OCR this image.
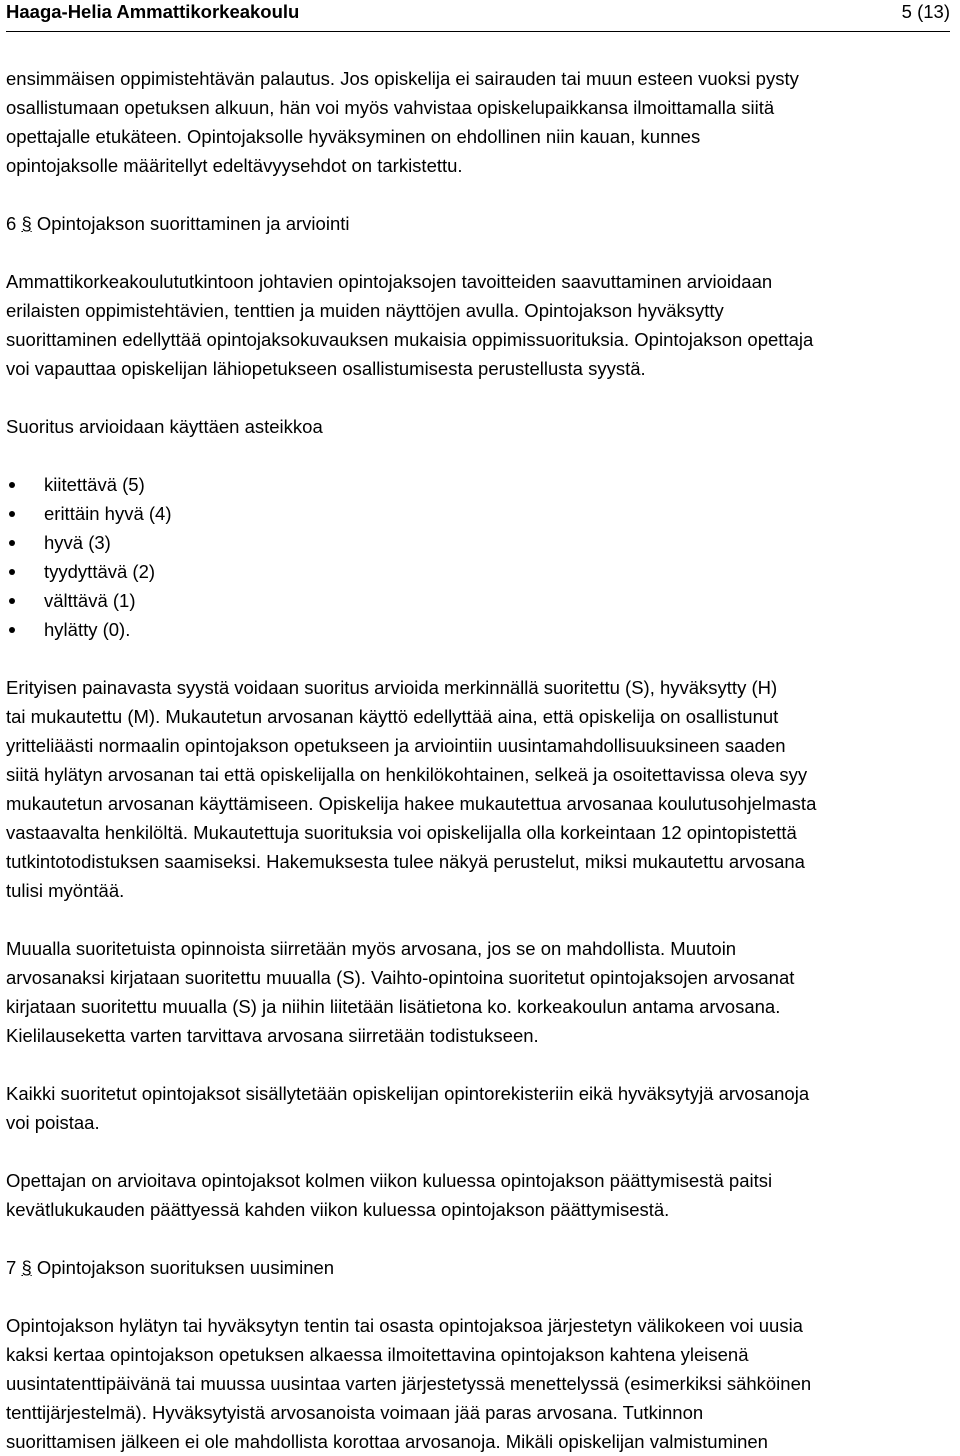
Haaga-Helia Ammattikorkeakoulu	5 (13)
ensimmäisen oppimistehtävän palautus. Jos opiskelija ei sairauden tai muun esteen vuoksi pysty
osallistumaan opetuksen alkuun, hän voi myös vahvistaa opiskelupaikkansa ilmoittamalla siitä
opettajalle etukäteen. Opintojaksolle hyväksyminen on ehdollinen niin kauan, kunnes
opintojaksolle määritellyt edeltävyysehdot on tarkistettu.
6 § Opintojakson suorittaminen ja arviointi
Ammattikorkeakoulututkintoon johtavien opintojaksojen tavoitteiden saavuttaminen arvioidaan
erilaisten oppimistehtävien, tenttien ja muiden näyttöjen avulla. Opintojakson hyväksytty
suorittaminen edellyttää opintojaksokuvauksen mukaisia oppimissuorituksia. Opintojakson opettaja
voi vapauttaa opiskelijan lähiopetukseen osallistumisesta perustellusta syystä.
Suoritus arvioidaan käyttäen asteikkoa
kiitettävä (5)
erittäin hyvä (4)
hyvä (3)
tyydyttävä (2)
välttävä (1)
hylätty (0).
Erityisen painavasta syystä voidaan suoritus arvioida merkinnällä suoritettu (S), hyväksytty (H)
tai mukautettu (M). Mukautetun arvosanan käyttö edellyttää aina, että opiskelija on osallistunut
yritteliäästi normaalin opintojakson opetukseen ja arviointiin uusintamahdollisuuksineen saaden
siitä hylätyn arvosanan tai että opiskelijalla on henkilökohtainen, selkeä ja osoitettavissa oleva syy
mukautetun arvosanan käyttämiseen. Opiskelija hakee mukautettua arvosanaa koulutusohjelmasta
vastaavalta henkilöltä. Mukautettuja suorituksia voi opiskelijalla olla korkeintaan 12 opintopistettä
tutkintotodistuksen saamiseksi. Hakemuksesta tulee näkyä perustelut, miksi mukautettu arvosana
tulisi myöntää.
Muualla suoritetuista opinnoista siirretään myös arvosana, jos se on mahdollista. Muutoin
arvosanaksi kirjataan suoritettu muualla (S). Vaihto-opintoina suoritetut opintojaksojen arvosanat
kirjataan suoritettu muualla (S) ja niihin liitetään lisätietona ko. korkeakoulun antama arvosana.
Kielilauseketta varten tarvittava arvosana siirretään todistukseen.
Kaikki suoritetut opintojaksot sisällytetään opiskelijan opintorekisteriin eikä hyväksytyjä arvosanoja
voi poistaa.
Opettajan on arvioitava opintojaksot kolmen viikon kuluessa opintojakson päättymisestä paitsi
kevätlukukauden päättyessä kahden viikon kuluessa opintojakson päättymisestä.
7 § Opintojakson suorituksen uusiminen
Opintojakson hylätyn tai hyväksytyn tentin tai osasta opintojaksoa järjestetyn välikokeen voi uusia
kaksi kertaa opintojakson opetuksen alkaessa ilmoitettavina opintojakson kahtena yleisenä
uusintatenttipäivänä tai muussa uusintaa varten järjestetyssä menettelyssä (esimerkiksi sähköinen
tenttijärjestelmä). Hyväksytyistä arvosanoista voimaan jää paras arvosana. Tutkinnon
suorittamisen jälkeen ei ole mahdollista korottaa arvosanoja. Mikäli opiskelijan valmistuminen
